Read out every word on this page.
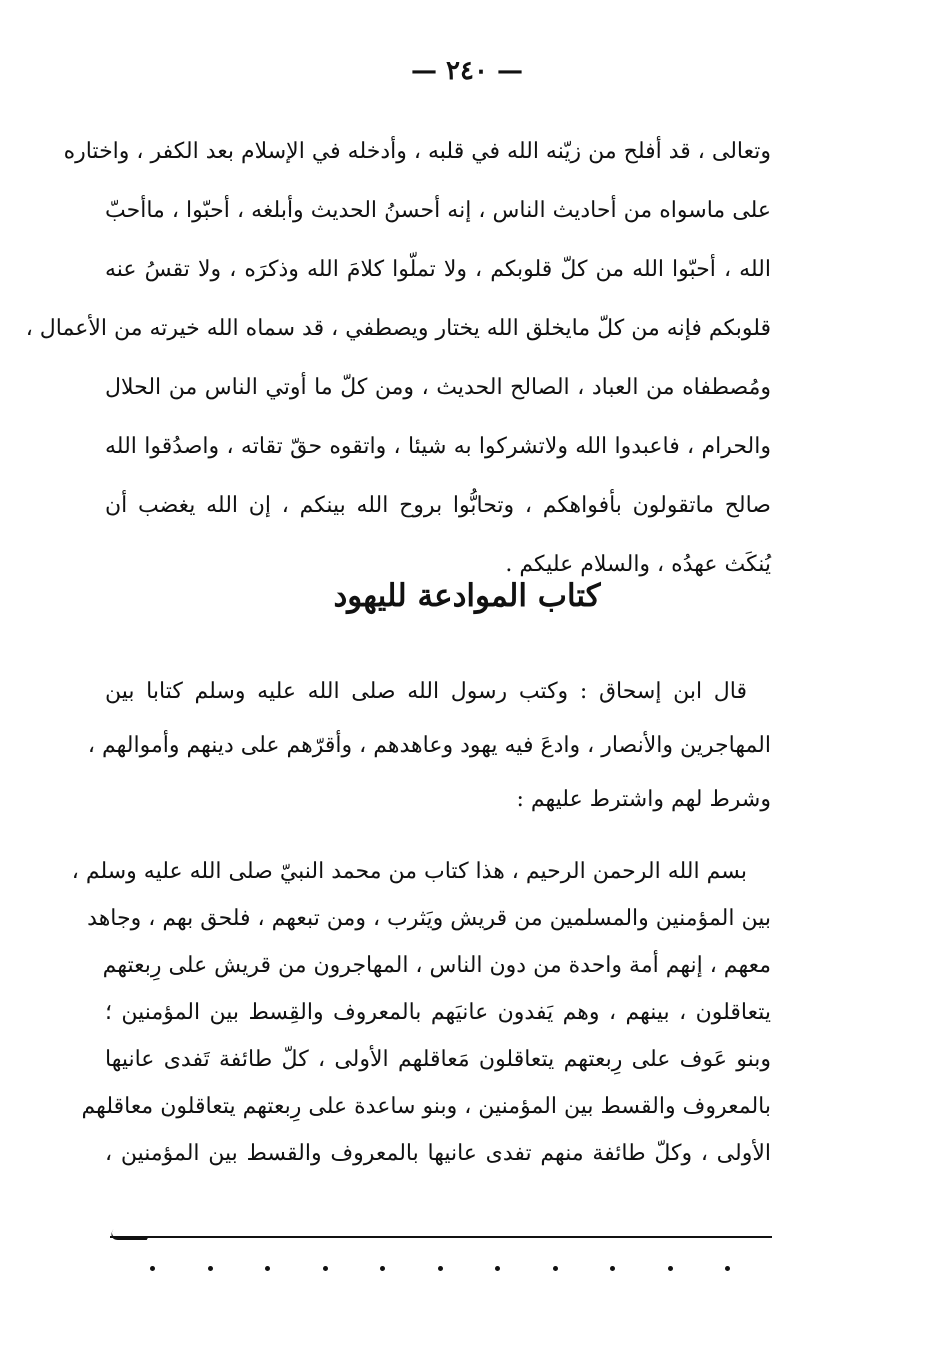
— ٢٤٠ —
وتعالى ، قد أفلح من زيّنه الله في قلبه ، وأدخله في الإسلام بعد الكفر ، واختاره
على ماسواه من أحاديث الناس ، إنه أحسنُ الحديث وأبلغه ، أحبّوا ، ماأحبّ
الله ، أحبّوا الله من كلّ قلوبكم ، ولا تملّوا كلامَ الله وذكرَه ، ولا تقسُ عنه
قلوبكم فإنه من كلّ مايخلق الله يختار ويصطفي ، قد سماه الله خيرته من الأعمال ،
ومُصطفاه من العباد ، الصالح الحديث ، ومن كلّ ما أوتي الناس من الحلال
والحرام ، فاعبدوا الله ولاتشركوا به شيئا ، واتقوه حقّ تقاته ، واصدُقوا الله
صالح ماتقولون بأفواهكم ، وتحابُّوا بروح الله بينكم ، إن الله يغضب أن
يُنكَث عهدُه ، والسلام عليكم .
كتاب الموادعة لليهود
قال ابن إسحاق : وكتب رسول الله صلى الله عليه وسلم كتابا بين
المهاجرين والأنصار ، وادعَ فيه يهود وعاهدهم ، وأقرّهم على دينهم وأموالهم ،
وشرط لهم واشترط عليهم :
بسم الله الرحمن الرحيم ، هذا كتاب من محمد النبيّ صلى الله عليه وسلم ،
بين المؤمنين والمسلمين من قريش ويَثرب ، ومن تبعهم ، فلحق بهم ، وجاهد
معهم ، إنهم أمة واحدة من دون الناس ، المهاجرون من قريش على رِبعتهم
يتعاقلون ، بينهم ، وهم يَفدون عانيَهم بالمعروف والقِسط بين المؤمنين ؛
وبنو عَوف على رِبعتهم يتعاقلون مَعاقلهم الأولى ، كلّ طائفة تَفدى عانيها
بالمعروف والقسط بين المؤمنين ، وبنو ساعدة على رِبعتهم يتعاقلون معاقلهم
الأولى ، وكلّ طائفة منهم تفدى عانيها بالمعروف والقسط بين المؤمنين ،
